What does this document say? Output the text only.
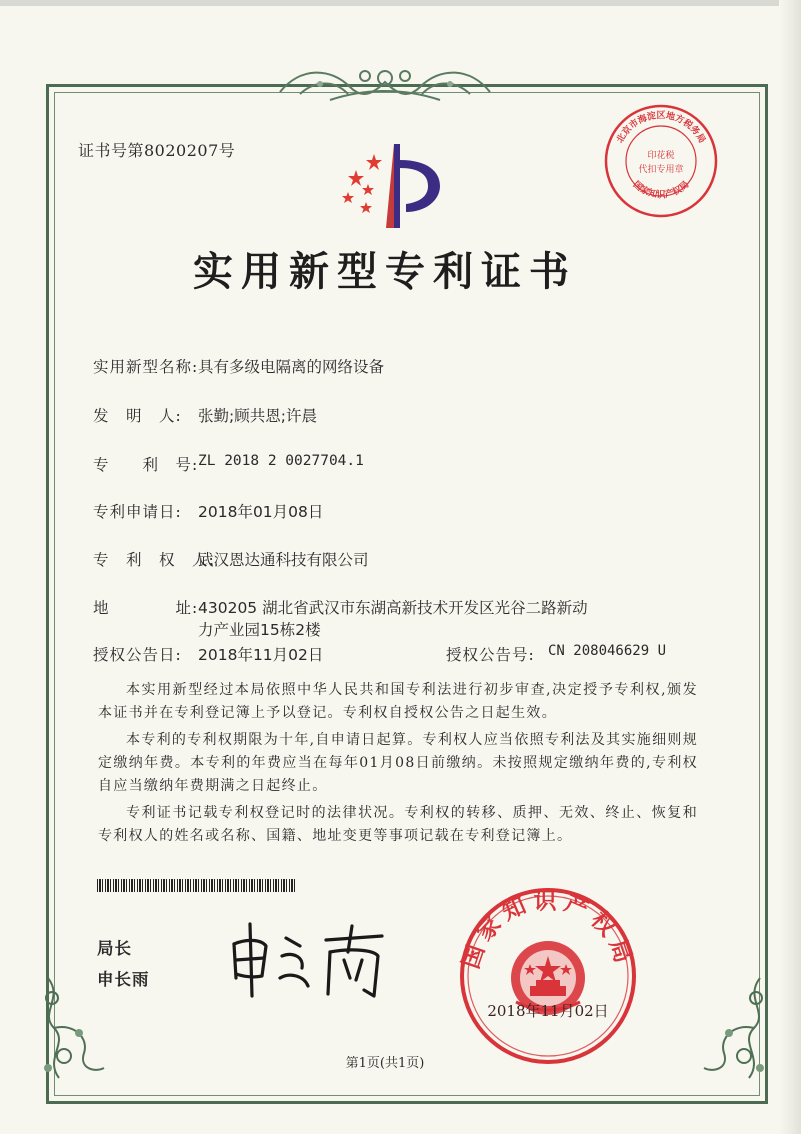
证书号第8020207号
北京市海淀区地方税务局
印花税
代扣专用章
国家知识产权局
实用新型专利证书
实用新型名称: 具有多级电隔离的网络设备
发　明　人: 张勤;顾共恩;许晨
专　　利　号: ZL 2018 2 0027704.1
专利申请日: 2018年01月08日
专　利　权　人:
武汉恩达通科技有限公司
地　　　　址: 430205 湖北省武汉市东湖高新技术开发区光谷二路新动
力产业园15栋2楼
授权公告日: 2018年11月02日	授权公告号: CN 208046629 U

本实用新型经过本局依照中华人民共和国专利法进行初步审查,决定授予专利权,颁发本证书并在专利登记簿上予以登记。专利权自授权公告之日起生效。

本专利的专利权期限为十年,自申请日起算。专利权人应当依照专利法及其实施细则规定缴纳年费。本专利的年费应当在每年01月08日前缴纳。未按照规定缴纳年费的,专利权自应当缴纳年费期满之日起终止。

专利证书记载专利权登记时的法律状况。专利权的转移、质押、无效、终止、恢复和专利权人的姓名或名称、国籍、地址变更等事项记载在专利登记簿上。

局长
申长雨
国家知识产权局
2018年11月02日
第1页(共1页)
